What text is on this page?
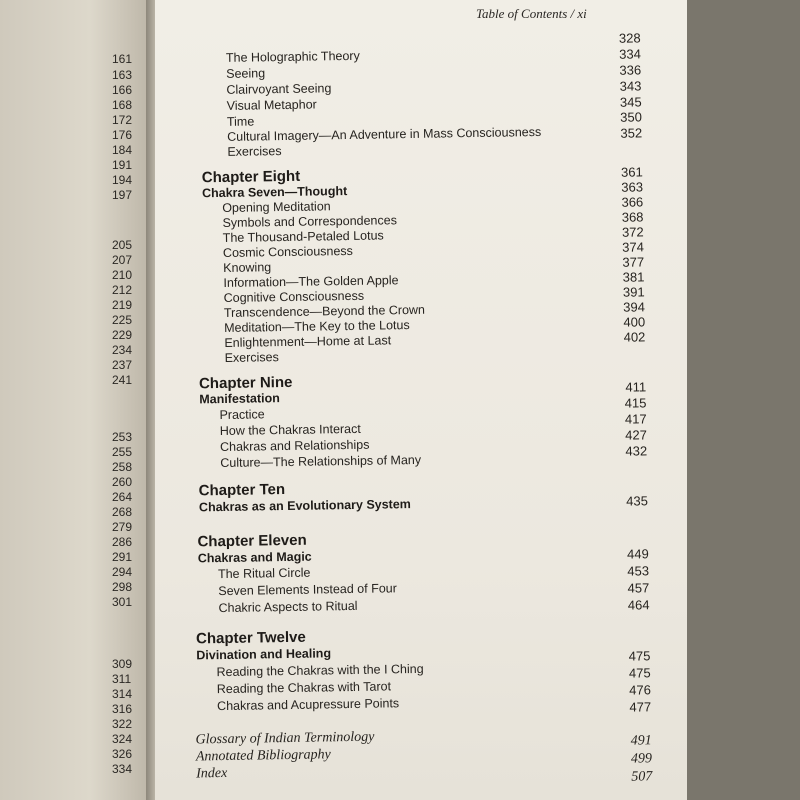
161
163
166
168
172
176
184
191
194
197
205
207
210
212
219
225
229
234
237
241
253
255
258
260
264
268
279
286
291
294
298
301
309
311
314
316
322
324
326
334
Table of Contents / xi
The Holographic Theory
Seeing
Clairvoyant Seeing
Visual Metaphor
Time
Cultural Imagery—An Adventure in Mass Consciousness
Exercises
328
334
336
343
345
350
352
Chapter Eight
Chakra Seven—Thought
Opening Meditation
Symbols and Correspondences
The Thousand-Petaled Lotus
Cosmic Consciousness
Knowing
Information—The Golden Apple
Cognitive Consciousness
Transcendence—Beyond the Crown
Meditation—The Key to the Lotus
Enlightenment—Home at Last
Exercises
361
363
366
368
372
374
377
381
391
394
400
402
Chapter Nine
Manifestation
Practice
How the Chakras Interact
Chakras and Relationships
Culture—The Relationships of Many
411
415
417
427
432
Chapter Ten
Chakras as an Evolutionary System	435
Chapter Eleven
Chakras and Magic
The Ritual Circle
Seven Elements Instead of Four
Chakric Aspects to Ritual
449
453
457
464
Chapter Twelve
Divination and Healing
Reading the Chakras with the I Ching
Reading the Chakras with Tarot
Chakras and Acupressure Points
475
475
476
477
Glossary of Indian Terminology
Annotated Bibliography
Index
491
499
507
